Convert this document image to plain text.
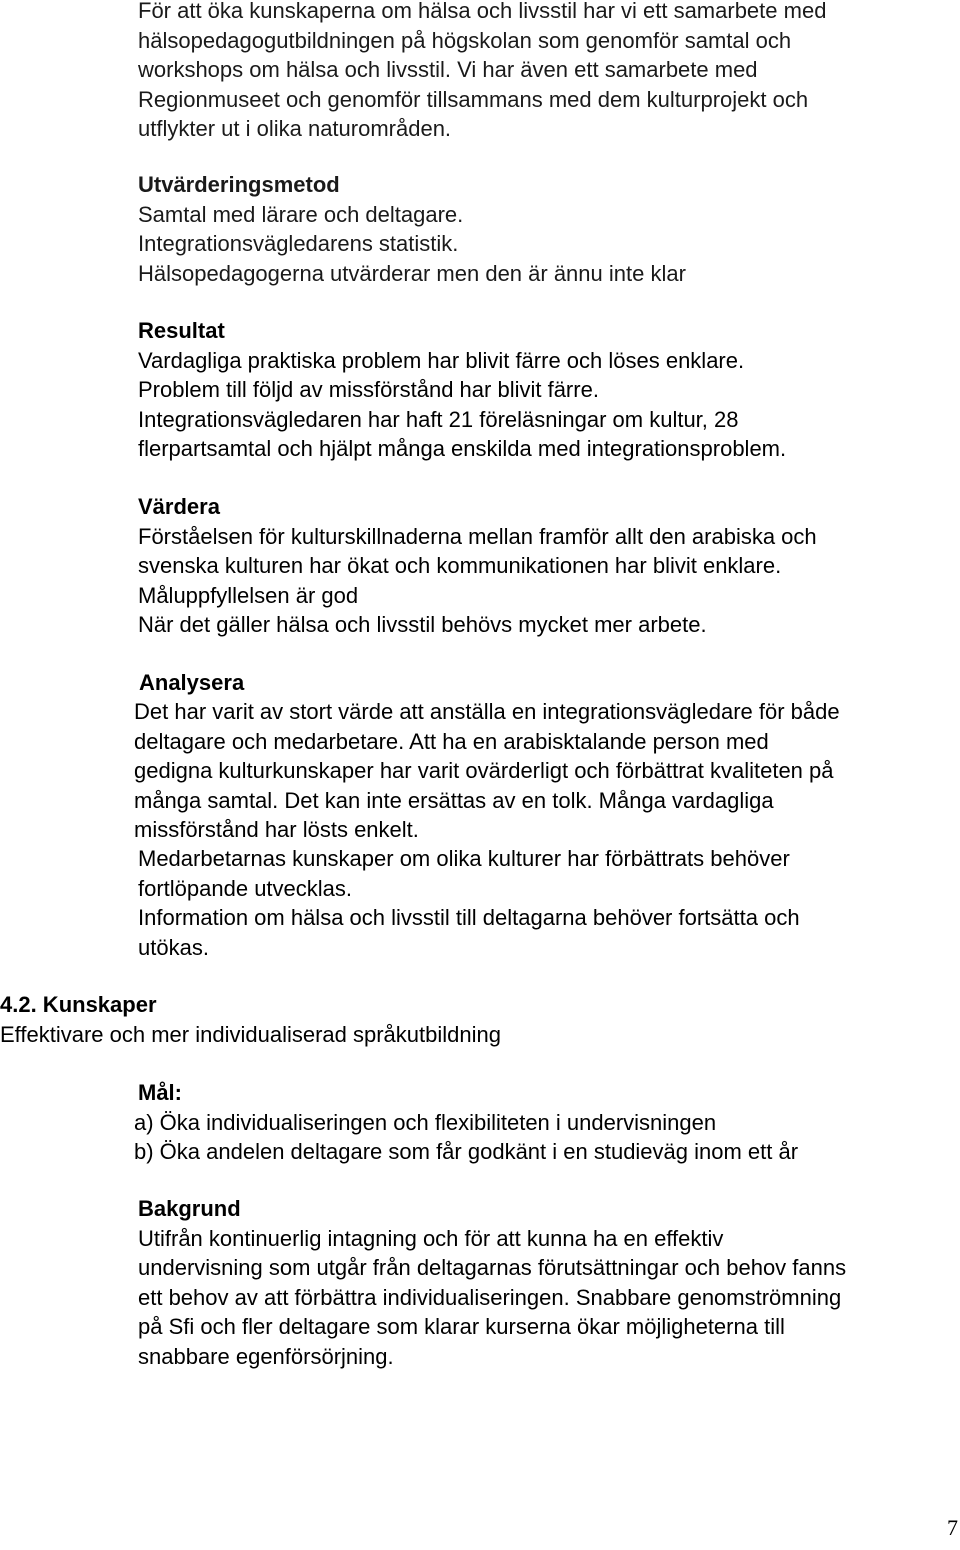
För att öka kunskaperna om hälsa och livsstil har vi ett samarbete med

hälsopedagogutbildningen på högskolan som genomför samtal och

workshops om hälsa och livsstil. Vi har även ett samarbete med

Regionmuseet och genomför tillsammans med dem kulturprojekt och

utflykter ut i olika naturområden.

Utvärderingsmetod

Samtal med lärare och deltagare.

Integrationsvägledarens statistik.

Hälsopedagogerna utvärderar men den är ännu inte klar

Resultat

Vardagliga praktiska problem har blivit färre och löses enklare.

Problem till följd av missförstånd har blivit färre.

Integrationsvägledaren har haft 21 föreläsningar om kultur, 28

flerpartsamtal och hjälpt många enskilda med integrationsproblem.

Värdera

Förståelsen för kulturskillnaderna mellan framför allt den arabiska och

svenska kulturen har ökat och kommunikationen har blivit enklare.

Måluppfyllelsen är god

När det gäller hälsa och livsstil behövs mycket mer arbete.

Analysera

Det har varit av stort värde att anställa en integrationsvägledare för både

deltagare och medarbetare. Att ha en arabisktalande person med

gedigna kulturkunskaper har varit ovärderligt och förbättrat kvaliteten på

många samtal. Det kan inte ersättas av en tolk. Många vardagliga

missförstånd har lösts enkelt.

Medarbetarnas kunskaper om olika kulturer har förbättrats behöver

fortlöpande utvecklas.

Information om hälsa och livsstil till deltagarna behöver fortsätta och

utökas.

4.2. Kunskaper

Effektivare och mer individualiserad språkutbildning

Mål:

a) Öka individualiseringen och flexibiliteten i undervisningen

b) Öka andelen deltagare som får godkänt i en studieväg inom ett år

Bakgrund

Utifrån kontinuerlig intagning och för att kunna ha en effektiv

undervisning som utgår från deltagarnas förutsättningar och behov fanns

ett behov av att förbättra individualiseringen. Snabbare genomströmning

på Sfi och fler deltagare som klarar kurserna ökar möjligheterna till

snabbare egenförsörjning.

7
